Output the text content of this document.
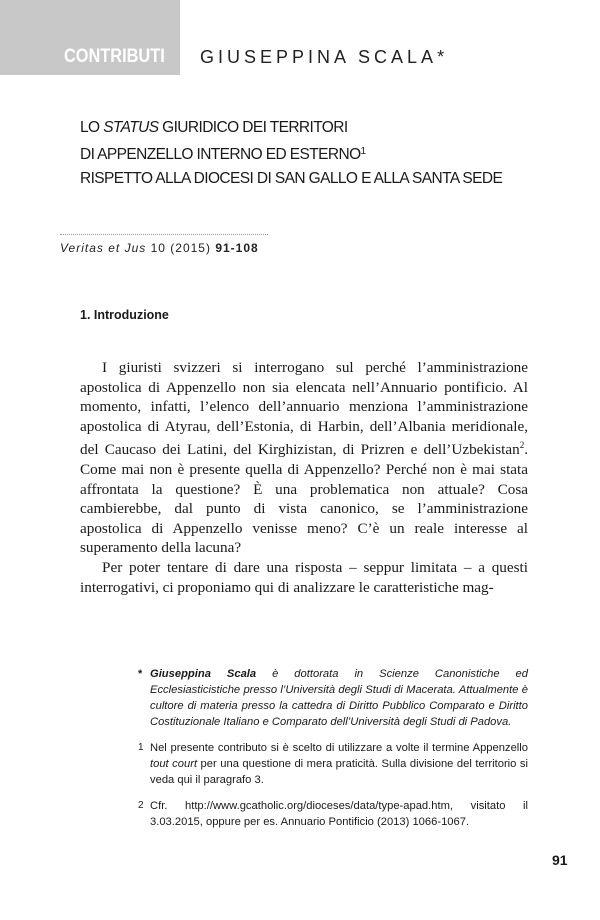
CONTRIBUTI GIUSEPPINA SCALA*
LO STATUS GIURIDICO DEI TERRITORI
DI APPENZELLO INTERNO ED ESTERNO$^1$
RISPETTO ALLA DIOCESI DI SAN GALLO E ALLA SANTA SEDE
Veritas et Jus 10 (2015) 91-108
1. Introduzione

I giuristi svizzeri si interrogano sul perché l’amministrazione apostolica di Appenzello non sia elencata nell’Annuario pontificio. Al momento, infatti, l’elenco dell’annuario menziona l’amministrazione apostolica di Atyrau, dell’Estonia, di Harbin, dell’Albania meridionale, del Caucaso dei Latini, del Kirghizistan, di Prizren e dell’Uzbekistan$^2$. Come mai non è presente quella di Appenzello? Perché non è mai stata affrontata la questione? È una problematica non attuale? Cosa cambierebbe, dal punto di vista canonico, se l’amministrazione apostolica di Appenzello venisse meno? C’è un reale interesse al superamento della lacuna?

Per poter tentare di dare una risposta – seppur limitata – a questi interrogativi, ci proponiamo qui di analizzare le caratteristiche mag-

* Giuseppina Scala è dottorata in Scienze Canonistiche ed Ecclesiasticistiche presso l’Università degli Studi di Macerata. Attualmente è cultore di materia presso la cattedra di Diritto Pubblico Comparato e Diritto Costituzionale Italiano e Comparato dell’Università degli Studi di Padova.
1 Nel presente contributo si è scelto di utilizzare a volte il termine Appenzello tout court per una questione di mera praticità. Sulla divisione del territorio si veda qui il paragrafo 3.
2 Cfr. http://www.gcatholic.org/dioceses/data/type-apad.htm, visitato il 3.03.2015, oppure per es. Annuario Pontificio (2013) 1066-1067.
91
